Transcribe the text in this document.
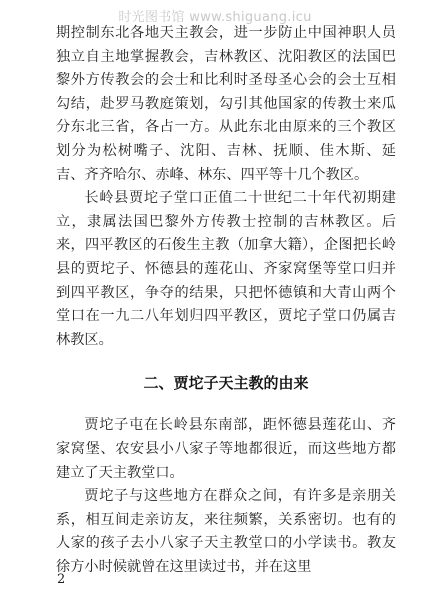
时光图书馆 www.shiguang.icu

期控制东北各地天主教会，进一步防止中国神职人员独立自主地掌握教会，吉林教区、沈阳教区的法国巴黎外方传教会的会士和比利时圣母圣心会的会士互相勾结，赴罗马教庭策划，勾引其他国家的传教士来瓜分东北三省，各占一方。从此东北由原来的三个教区划分为松树嘴子、沈阳、吉林、抚顺、佳木斯、延吉、齐齐哈尔、赤峰、林东、四平等十几个教区。

长岭县贾坨子堂口正值二十世纪二十年代初期建立，隶属法国巴黎外方传教士控制的吉林教区。后来，四平教区的石俊生主教（加拿大籍），企图把长岭县的贾坨子、怀德县的莲花山、齐家窝堡等堂口归并到四平教区，争夺的结果，只把怀德镇和大青山两个堂口在一九二八年划归四平教区，贾坨子堂口仍属吉林教区。

二、贾坨子天主教的由来

贾坨子屯在长岭县东南部，距怀德县莲花山、齐家窝堡、农安县小八家子等地都很近，而这些地方都建立了天主教堂口。

贾坨子与这些地方在群众之间，有许多是亲朋关系，相互间走亲访友，来往频繁，关系密切。也有的人家的孩子去小八家子天主教堂口的小学读书。教友徐方小时候就曾在这里读过书，并在这里

2
